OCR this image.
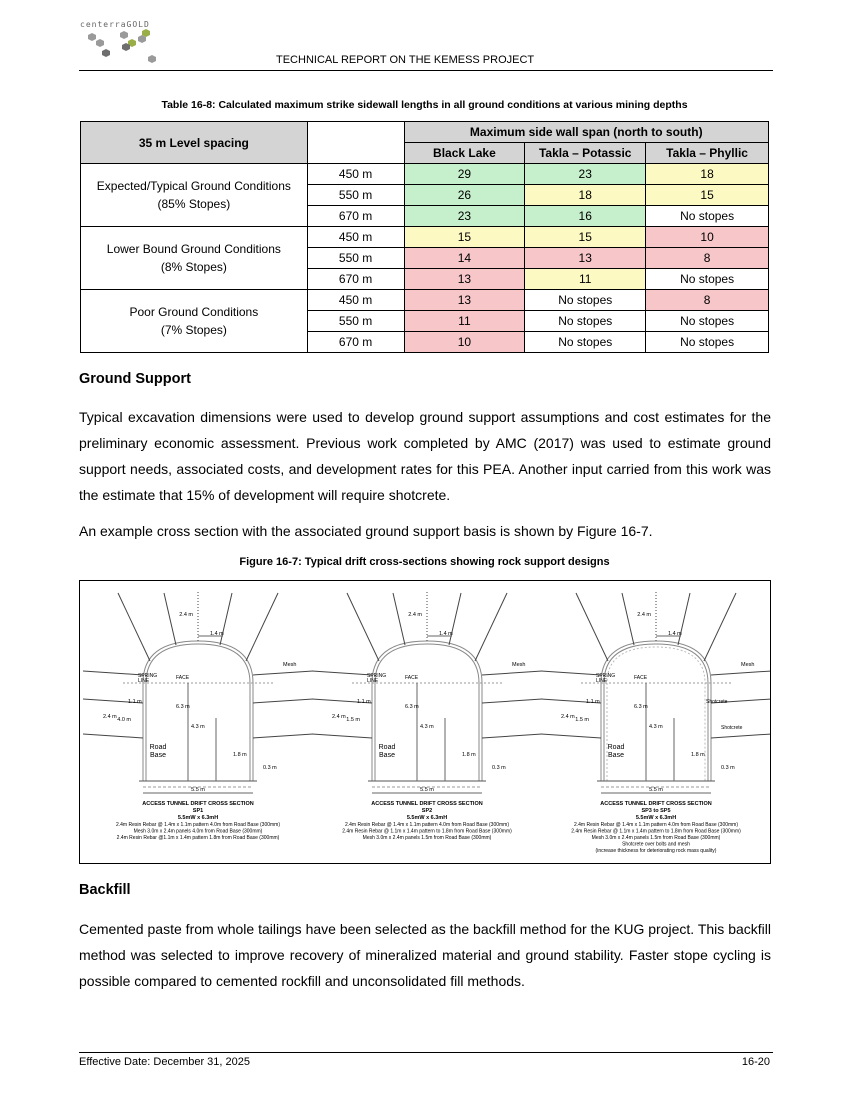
centerraGOLD
TECHNICAL REPORT ON THE KEMESS PROJECT
Table 16-8: Calculated maximum strike sidewall lengths in all ground conditions at various mining depths
35 m Level spacing		Maximum side wall span (north to south)		
		Black Lake	Takla – Potassic	Takla – Phyllic

Expected/Typical Ground Conditions
(85% Stopes)	450 m	29	23	18
	550 m	26	18	15
	670 m	23	16	No stopes

Lower Bound Ground Conditions
(8% Stopes)	450 m	15	15	10
	550 m	14	13	8
	670 m	13	11	No stopes

Poor Ground Conditions
(7% Stopes)	450 m	13	No stopes	8
	550 m	11	No stopes	No stopes
	670 m	10	No stopes	No stopes
Ground Support

Typical excavation dimensions were used to develop ground support assumptions and cost estimates for the preliminary economic assessment. Previous work completed by AMC (2017) was used to estimate ground support needs, associated costs, and development rates for this PEA. Another input carried from this work was the estimate that 15% of development will require shotcrete.

An example cross section with the associated ground support basis is shown by Figure 16-7.

Figure 16-7: Typical drift cross-sections showing rock support designs
2.4 m
1.4 m
Mesh
SPRING
LINE	FACE
6.3 m
4.3 m
Road
Base	1.8 m
0.3 m
5.5 m
2.4 m
1.1 m
4.0 m
ACCESS TUNNEL DRIFT CROSS SECTION
SP1
5.5mW x 6.3mH
2.4m Resin Rebar @ 1.4m x 1.1m pattern 4.0m from Road Base (300mm)
Mesh 3.0m x 2.4m panels 4.0m from Road Base (300mm)
2.4m Resin Rebar @1.1m x 1.4m pattern 1.8m from Road Base (300mm)
2.4 m
1.4 m
Mesh
SPRING
LINE	FACE
6.3 m
4.3 m
Road
Base	1.8 m
0.3 m
5.5 m
2.4 m
1.1 m
1.5 m
ACCESS TUNNEL DRIFT CROSS SECTION
SP2
5.5mW x 6.3mH
2.4m Resin Rebar @ 1.4m x 1.1m pattern 4.0m from Road Base (300mm)
2.4m Resin Rebar @ 1.1m x 1.4m pattern to 1.8m from Road Base (300mm)
Mesh 3.0m x 2.4m panels 1.5m from Road Base (300mm)
2.4 m
1.4 m
Mesh
SPRING
LINE	FACE
6.3 m
4.3 m
Road
Base	1.8 m
0.3 m
5.5 m
2.4 m
1.1 m
1.5 m
Shotcrete
Shotcrete
ACCESS TUNNEL DRIFT CROSS SECTION
SP3 to SP5
5.5mW x 6.3mH
2.4m Resin Rebar @ 1.4m x 1.1m pattern 4.0m from Road Base (300mm)
2.4m Resin Rebar @ 1.1m x 1.4m pattern to 1.8m from Road Base (300mm)
Mesh 3.0m x 2.4m panels 1.5m from Road Base (300mm)
Shotcrete over bolts and mesh
(increase thickness for deteriorating rock mass quality)
Backfill

Cemented paste from whole tailings have been selected as the backfill method for the KUG project. This backfill method was selected to improve recovery of mineralized material and ground stability. Faster stope cycling is possible compared to cemented rockfill and unconsolidated fill methods.

Effective Date: December 31, 2025	16-20
